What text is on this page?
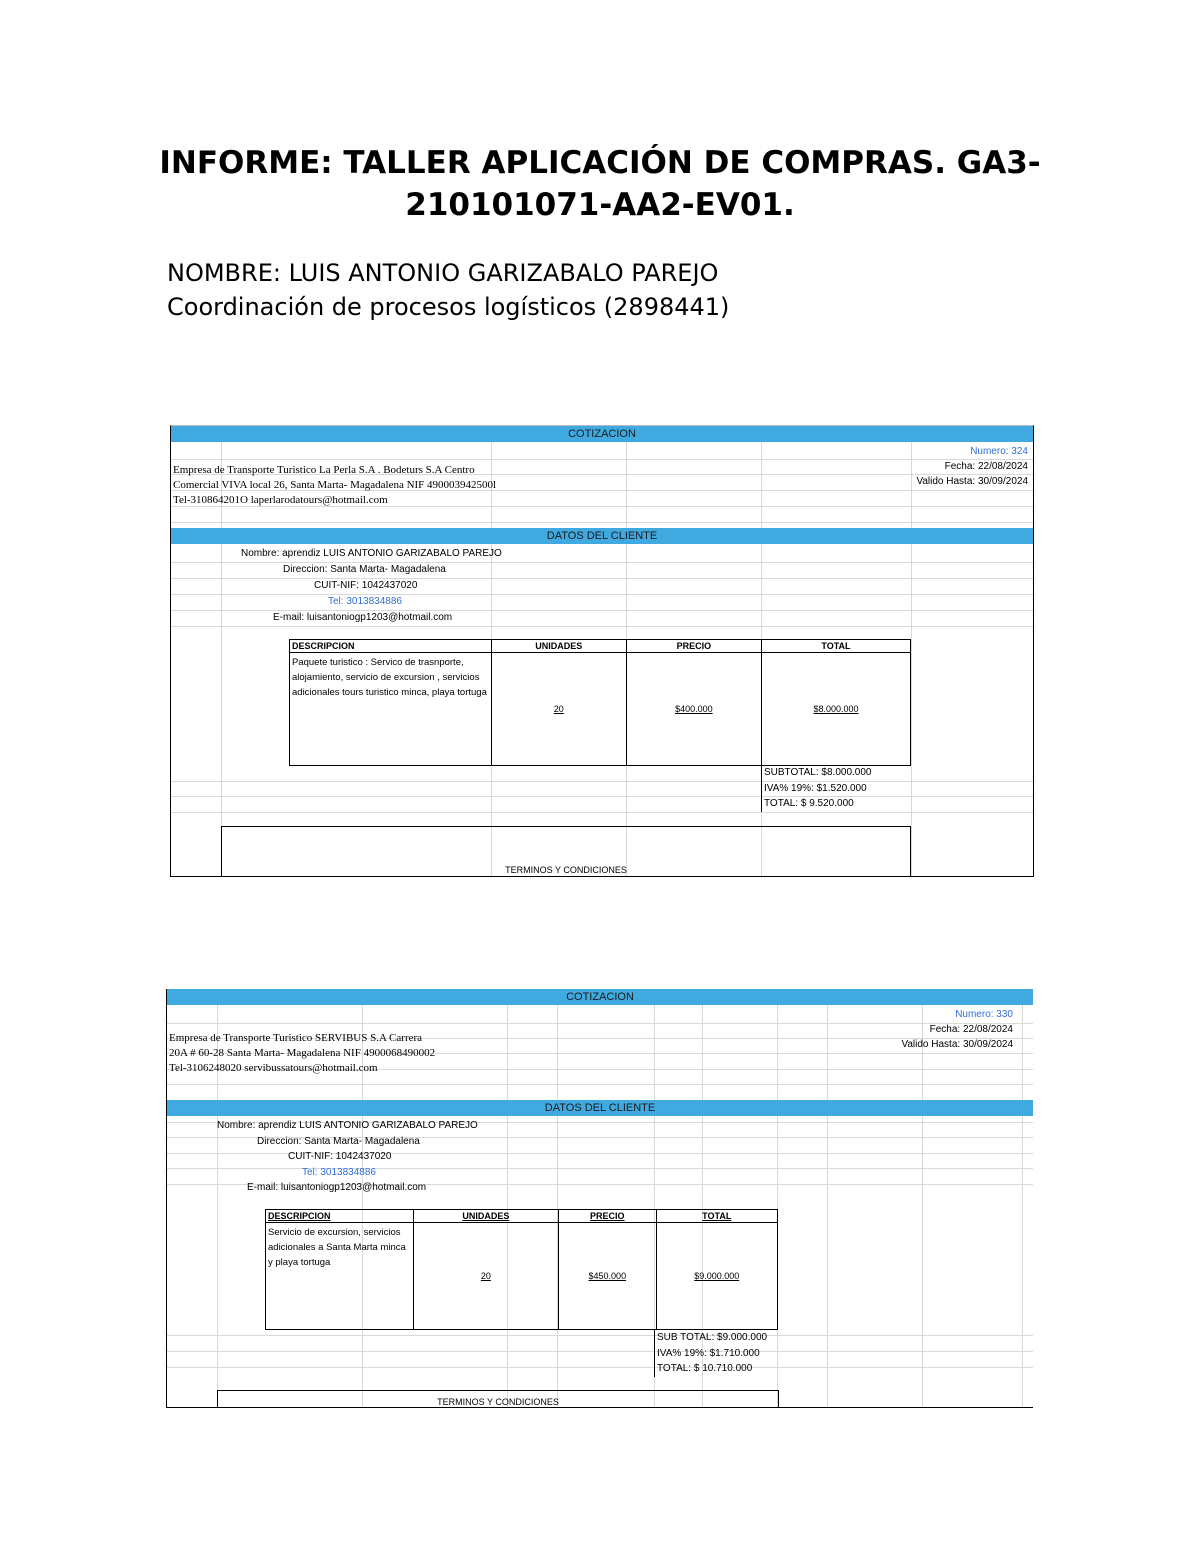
INFORME: TALLER APLICACIÓN DE COMPRAS. GA3-
210101071-AA2-EV01.
NOMBRE: LUIS ANTONIO GARIZABALO PAREJO
Coordinación de procesos logísticos (2898441)
COTIZACION
Empresa de Transporte Turistico La Perla S.A . Bodeturs S.A Centro
Comercial VIVA local 26, Santa Marta- Magadalena NIF 490003942500l
Tel-310864201O laperlarodatours@hotmail.com
Numero: 324
Fecha: 22/08/2024
Valido Hasta: 30/09/2024
DATOS DEL CLIENTE
Nombre: aprendiz LUIS ANTONIO GARIZABALO PAREJO
Direccion: Santa Marta- Magadalena
CUIT-NIF: 1042437020
Tel: 3013834886
E-mail: luisantoniogp1203@hotmail.com
DESCRIPCION	UNIDADES	PRECIO	TOTAL
Paquete turistico : Servico de trasnporte, alojamiento, servicio de excursion , servicios adicionales tours turistico minca, playa tortuga	20	$400.000	$8.000.000
SUBTOTAL: $8.000.000
IVA% 19%: $1.520.000
TOTAL: $ 9.520.000
TERMINOS Y CONDICIONES
COTIZACION
Empresa de Transporte Turistico SERVIBUS S.A Carrera
20A # 60-28 Santa Marta- Magadalena NIF 4900068490002
Tel-3106248020 servibussatours@hotmail.com
Numero: 330
Fecha: 22/08/2024
Valido Hasta: 30/09/2024
DATOS DEL CLIENTE
Nombre: aprendiz LUIS ANTONIO GARIZABALO PAREJO
Direccion: Santa Marta- Magadalena
CUIT-NIF: 1042437020
Tel: 3013834886
E-mail: luisantoniogp1203@hotmail.com
DESCRIPCION	UNIDADES	PRECIO	TOTAL
Servicio de excursion, servicios adicionales a Santa Marta minca y playa tortuga	20	$450.000	$9.000.000
SUB TOTAL: $9.000.000
IVA% 19%: $1.710.000
TOTAL: $ 10.710.000
TERMINOS Y CONDICIONES
